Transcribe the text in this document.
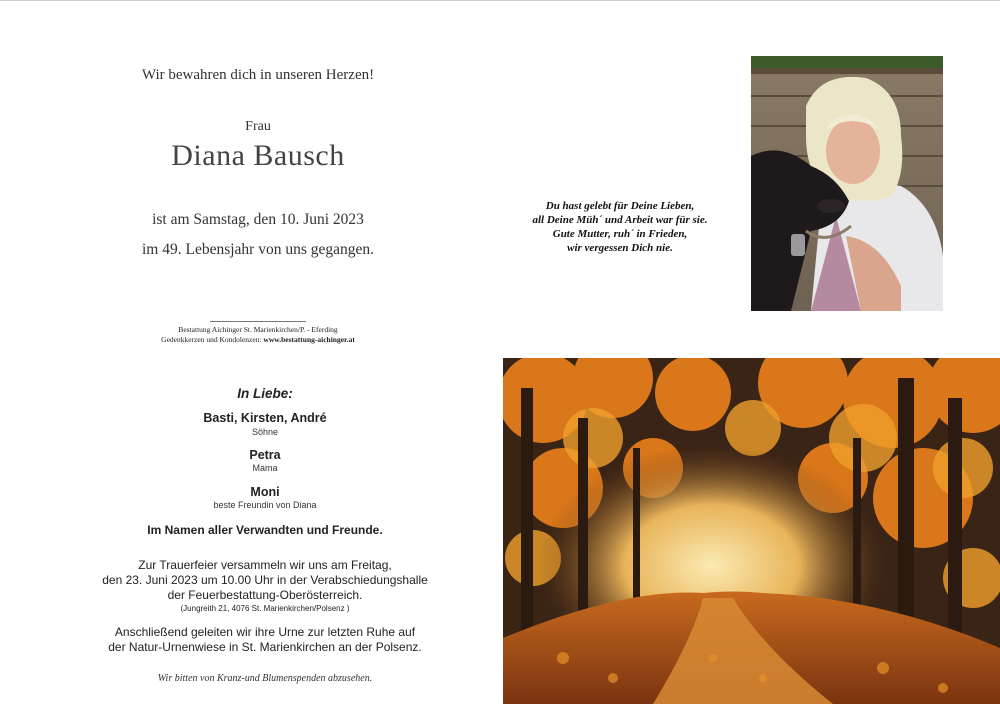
Wir bewahren dich in unseren Herzen!
Frau
Diana Bausch
ist am Samstag, den 10. Juni 2023
im 49. Lebensjahr von uns gegangen.
Bestattung Aichinger St. Marienkirchen/P. - Eferding
Gedenkkerzen und Kondolenzen: www.bestattung-aichinger.at
Du hast gelebt für Deine Lieben,
all Deine Müh´ und Arbeit war für sie.
Gute Mutter, ruh´ in Frieden,
wir vergessen Dich nie.
In Liebe:
Basti, Kirsten, André
Söhne
Petra
Mama
Moni
beste Freundin von Diana
Im Namen aller Verwandten und Freunde.
Zur Trauerfeier versammeln wir uns am Freitag,
den 23. Juni 2023 um 10.00 Uhr in der Verabschiedungshalle
der Feuerbestattung-Oberösterreich.
(Jungreith 21, 4076 St. Marienkirchen/Polsenz )
Anschließend geleiten wir ihre Urne zur letzten Ruhe auf
der Natur-Urnenwiese in St. Marienkirchen an der Polsenz.
Wir bitten von Kranz-und Blumenspenden abzusehen.
